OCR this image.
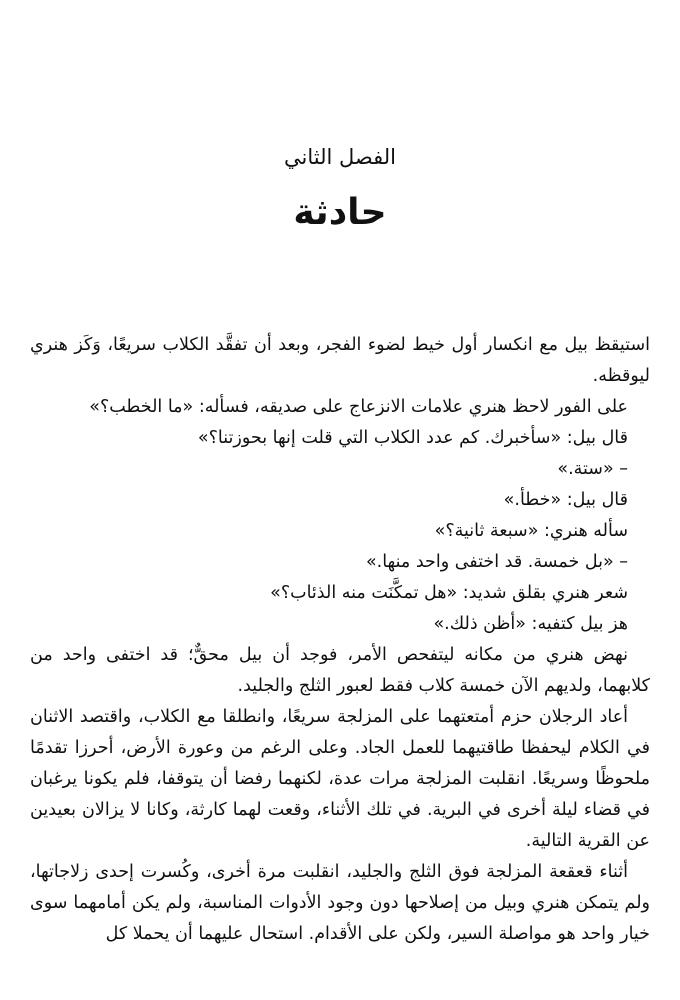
الفصل الثاني
حادثة

استيقظ بيل مع انكسار أول خيط لضوء الفجر، وبعد أن تفقَّد الكلاب سريعًا، وَكَز هنري ليوقظه.

على الفور لاحظ هنري علامات الانزعاج على صديقه، فسأله: «ما الخطب؟»

قال بيل: «سأخبرك. كم عدد الكلاب التي قلت إنها بحوزتنا؟»

– «ستة.»

قال بيل: «خطأ.»

سأله هنري: «سبعة ثانية؟»

– «بل خمسة. قد اختفى واحد منها.»

شعر هنري بقلق شديد: «هل تمكَّنَت منه الذئاب؟»

هز بيل كتفيه: «أظن ذلك.»

نهض هنري من مكانه ليتفحص الأمر، فوجد أن بيل محقٌّ؛ قد اختفى واحد من كلابهما، ولديهم الآن خمسة كلاب فقط لعبور الثلج والجليد.

أعاد الرجلان حزم أمتعتهما على المزلجة سريعًا، وانطلقا مع الكلاب، واقتصد الاثنان في الكلام ليحفظا طاقتيهما للعمل الجاد. وعلى الرغم من وعورة الأرض، أحرزا تقدمًا ملحوظًا وسريعًا. انقلبت المزلجة مرات عدة، لكنهما رفضا أن يتوقفا، فلم يكونا يرغبان في قضاء ليلة أخرى في البرية. في تلك الأثناء، وقعت لهما كارثة، وكانا لا يزالان بعيدين عن القرية التالية.

أثناء قعقعة المزلجة فوق الثلج والجليد، انقلبت مرة أخرى، وكُسرت إحدى زلاجاتها، ولم يتمكن هنري وبيل من إصلاحها دون وجود الأدوات المناسبة، ولم يكن أمامهما سوى خيار واحد هو مواصلة السير، ولكن على الأقدام. استحال عليهما أن يحملا كل
